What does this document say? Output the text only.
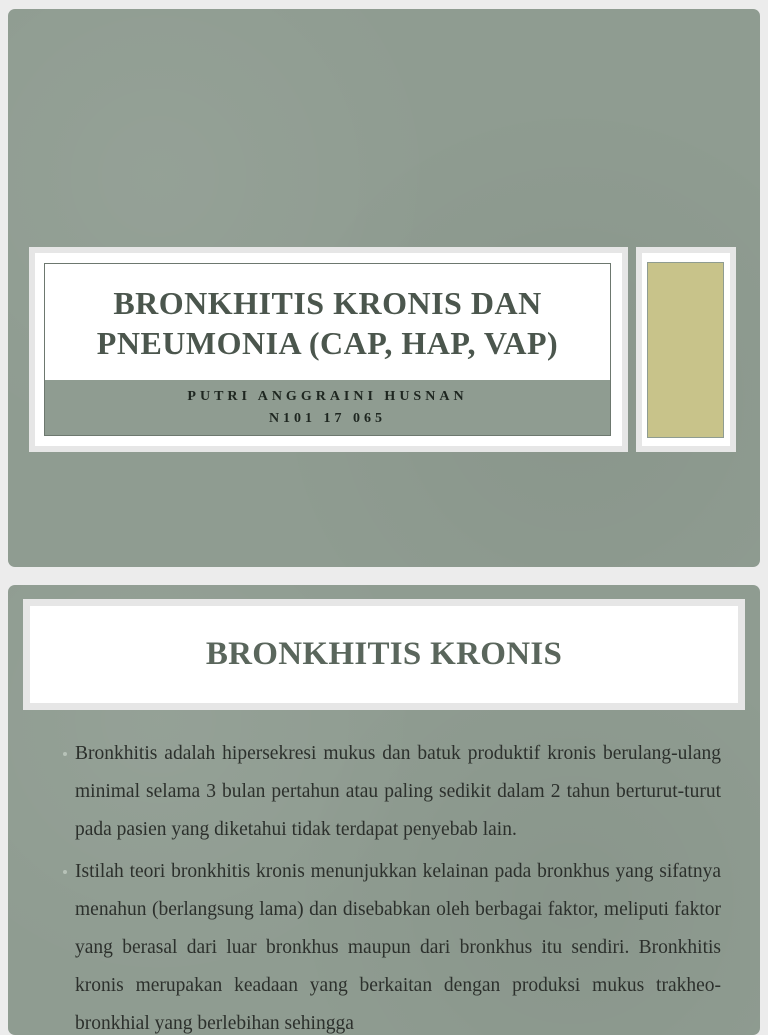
BRONKHITIS KRONIS DAN
PNEUMONIA (CAP, HAP, VAP)
PUTRI ANGGRAINI HUSNAN
N101 17 065
BRONKHITIS KRONIS
Bronkhitis adalah hipersekresi mukus dan batuk produktif kronis berulang-ulang minimal selama 3 bulan pertahun atau paling sedikit dalam 2 tahun berturut-turut pada pasien yang diketahui tidak terdapat penyebab lain.
Istilah teori bronkhitis kronis menunjukkan kelainan pada bronkhus yang sifatnya menahun (berlangsung lama) dan disebabkan oleh berbagai faktor, meliputi faktor yang berasal dari luar bronkhus maupun dari bronkhus itu sendiri. Bronkhitis kronis merupakan keadaan yang berkaitan dengan produksi mukus trakheo-bronkhial yang berlebihan sehingga
